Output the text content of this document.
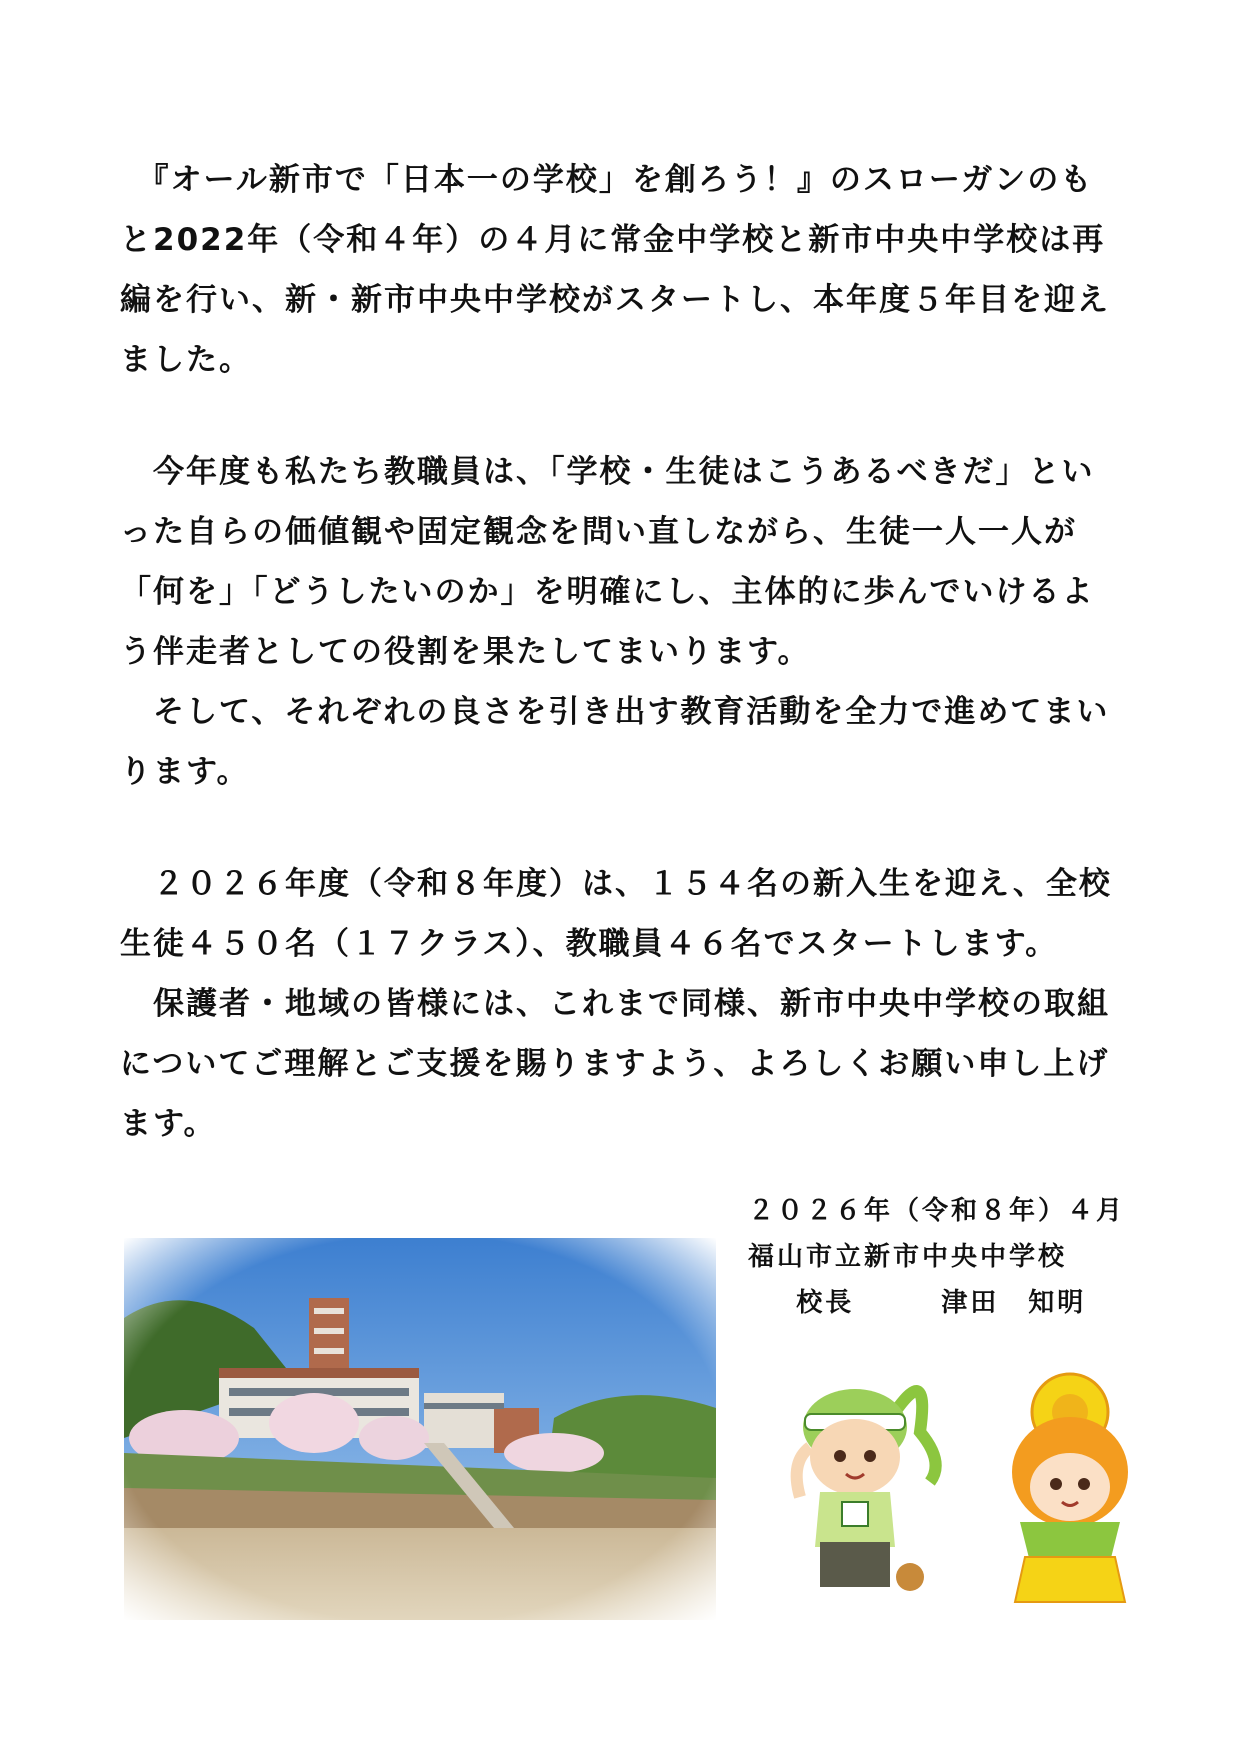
　『オール新市で「日本一の学校」を創ろう！』のスローガンのもと2022年（令和４年）の４月に常金中学校と新市中央中学校は再編を行い、新・新市中央中学校がスタートし、本年度５年目を迎えました。

　今年度も私たち教職員は、「学校・生徒はこうあるべきだ」といった自らの価値観や固定観念を問い直しながら、生徒一人一人が「何を」「どうしたいのか」を明確にし、主体的に歩んでいけるよう伴走者としての役割を果たしてまいります。

　そして、それぞれの良さを引き出す教育活動を全力で進めてまいります。

　２０２６年度（令和８年度）は、１５４名の新入生を迎え、全校生徒４５０名（１７クラス）、教職員４６名でスタートします。

　保護者・地域の皆様には、これまで同様、新市中央中学校の取組についてご理解とご支援を賜りますよう、よろしくお願い申し上げます。

２０２６年（令和８年）４月
福山市立新市中央中学校
校長　　　	津田　知明
